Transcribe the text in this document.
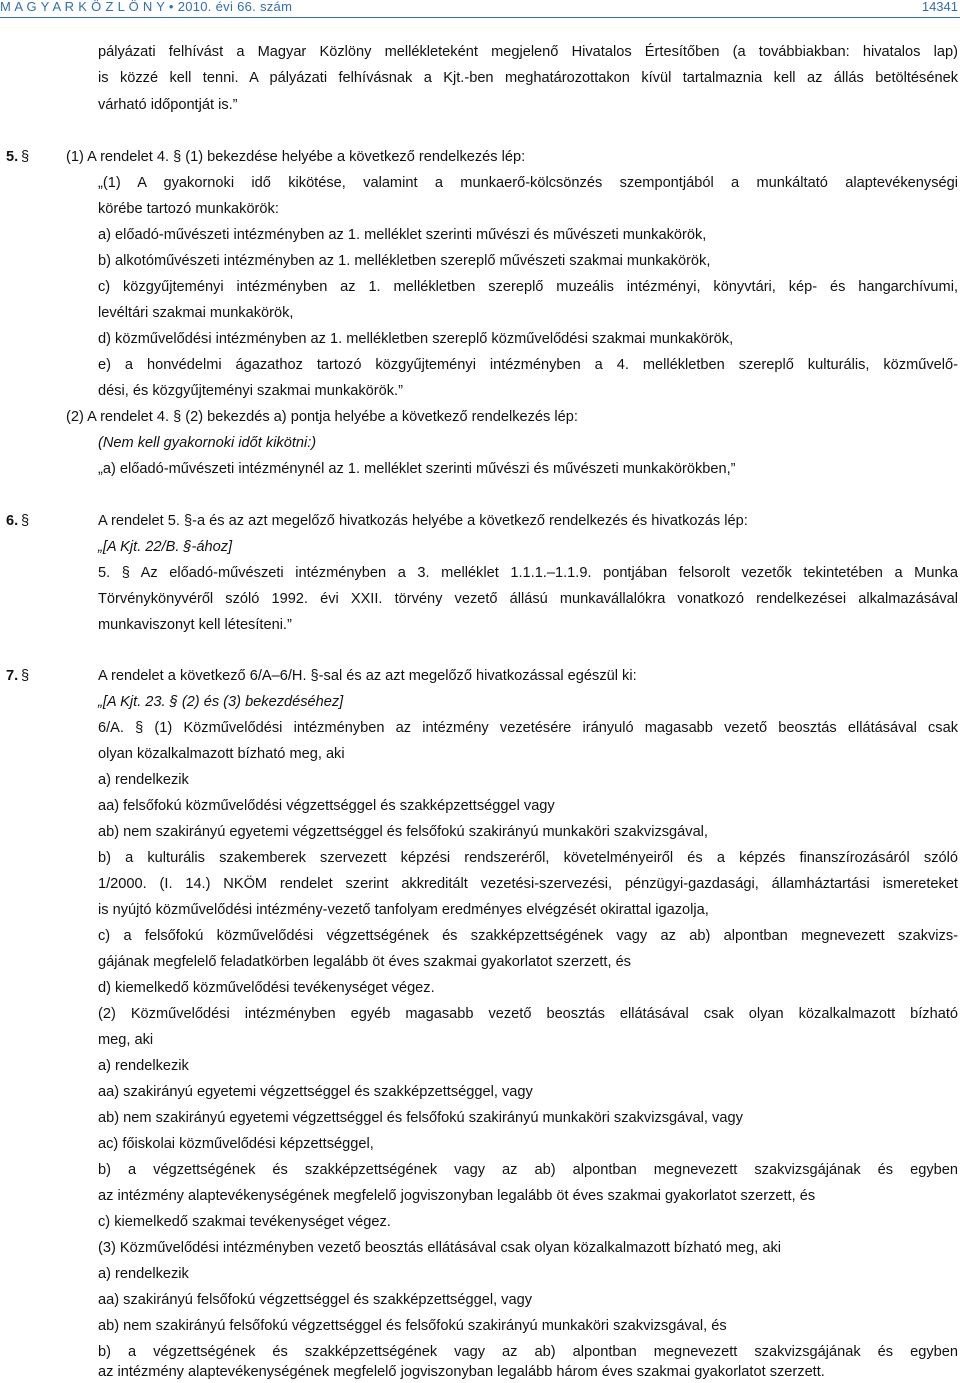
M A G Y A R K Ö Z L Ö N Y • 2010. évi 66. szám	14341
pályázati felhívást a Magyar Közlöny mellékleteként megjelenő Hivatalos Értesítőben (a továbbiakban: hivatalos lap)
is közzé kell tenni. A pályázati felhívásnak a Kjt.-ben meghatározottakon kívül tartalmaznia kell az állás betöltésének
várható időpontját is.”
5. §	(1) A rendelet 4. § (1) bekezdése helyébe a következő rendelkezés lép:
„(1) A gyakornoki idő kikötése, valamint a munkaerő-kölcsönzés szempontjából a munkáltató alaptevékenységi
körébe tartozó munkakörök:
a) előadó-művészeti intézményben az 1. melléklet szerinti művészi és művészeti munkakörök,
b) alkotóművészeti intézményben az 1. mellékletben szereplő művészeti szakmai munkakörök,
c) közgyűjteményi intézményben az 1. mellékletben szereplő muzeális intézményi, könyvtári, kép- és hangarchívumi,
levéltári szakmai munkakörök,
d) közművelődési intézményben az 1. mellékletben szereplő közművelődési szakmai munkakörök,
e) a honvédelmi ágazathoz tartozó közgyűjteményi intézményben a 4. mellékletben szereplő kulturális, közművelő-
dési, és közgyűjteményi szakmai munkakörök.”
(2) A rendelet 4. § (2) bekezdés a) pontja helyébe a következő rendelkezés lép:
(Nem kell gyakornoki időt kikötni:)
„a) előadó-művészeti intézménynél az 1. melléklet szerinti művészi és művészeti munkakörökben,”
6. §	A rendelet 5. §-a és az azt megelőző hivatkozás helyébe a következő rendelkezés és hivatkozás lép:
„[A Kjt. 22/B. §-ához]
5. § Az előadó-művészeti intézményben a 3. melléklet 1.1.1.–1.1.9. pontjában felsorolt vezetők tekintetében a Munka
Törvénykönyvéről szóló 1992. évi XXII. törvény vezető állású munkavállalókra vonatkozó rendelkezései alkalmazásával
munkaviszonyt kell létesíteni.”
7. §	A rendelet a következő 6/A–6/H. §-sal és az azt megelőző hivatkozással egészül ki:
„[A Kjt. 23. § (2) és (3) bekezdéséhez]
6/A. § (1) Közművelődési intézményben az intézmény vezetésére irányuló magasabb vezető beosztás ellátásával csak
olyan közalkalmazott bízható meg, aki
a) rendelkezik
aa) felsőfokú közművelődési végzettséggel és szakképzettséggel vagy
ab) nem szakirányú egyetemi végzettséggel és felsőfokú szakirányú munkaköri szakvizsgával,
b) a kulturális szakemberek szervezett képzési rendszeréről, követelményeiről és a képzés finanszírozásáról szóló
1/2000. (I. 14.) NKÖM rendelet szerint akkreditált vezetési-szervezési, pénzügyi-gazdasági, államháztartási ismereteket
is nyújtó közművelődési intézmény-vezető tanfolyam eredményes elvégzését okirattal igazolja,
c) a felsőfokú közművelődési végzettségének és szakképzettségének vagy az ab) alpontban megnevezett szakvizs-
gájának megfelelő feladatkörben legalább öt éves szakmai gyakorlatot szerzett, és
d) kiemelkedő közművelődési tevékenységet végez.
(2) Közművelődési intézményben egyéb magasabb vezető beosztás ellátásával csak olyan közalkalmazott bízható
meg, aki
a) rendelkezik
aa) szakirányú egyetemi végzettséggel és szakképzettséggel, vagy
ab) nem szakirányú egyetemi végzettséggel és felsőfokú szakirányú munkaköri szakvizsgával, vagy
ac) főiskolai közművelődési képzettséggel,
b) a végzettségének és szakképzettségének vagy az ab) alpontban megnevezett szakvizsgájának és egyben
az intézmény alaptevékenységének megfelelő jogviszonyban legalább öt éves szakmai gyakorlatot szerzett, és
c) kiemelkedő szakmai tevékenységet végez.
(3) Közművelődési intézményben vezető beosztás ellátásával csak olyan közalkalmazott bízható meg, aki
a) rendelkezik
aa) szakirányú felsőfokú végzettséggel és szakképzettséggel, vagy
ab) nem szakirányú felsőfokú végzettséggel és felsőfokú szakirányú munkaköri szakvizsgával, és
b) a végzettségének és szakképzettségének vagy az ab) alpontban megnevezett szakvizsgájának és egyben
az intézmény alaptevékenységének megfelelő jogviszonyban legalább három éves szakmai gyakorlatot szerzett.
